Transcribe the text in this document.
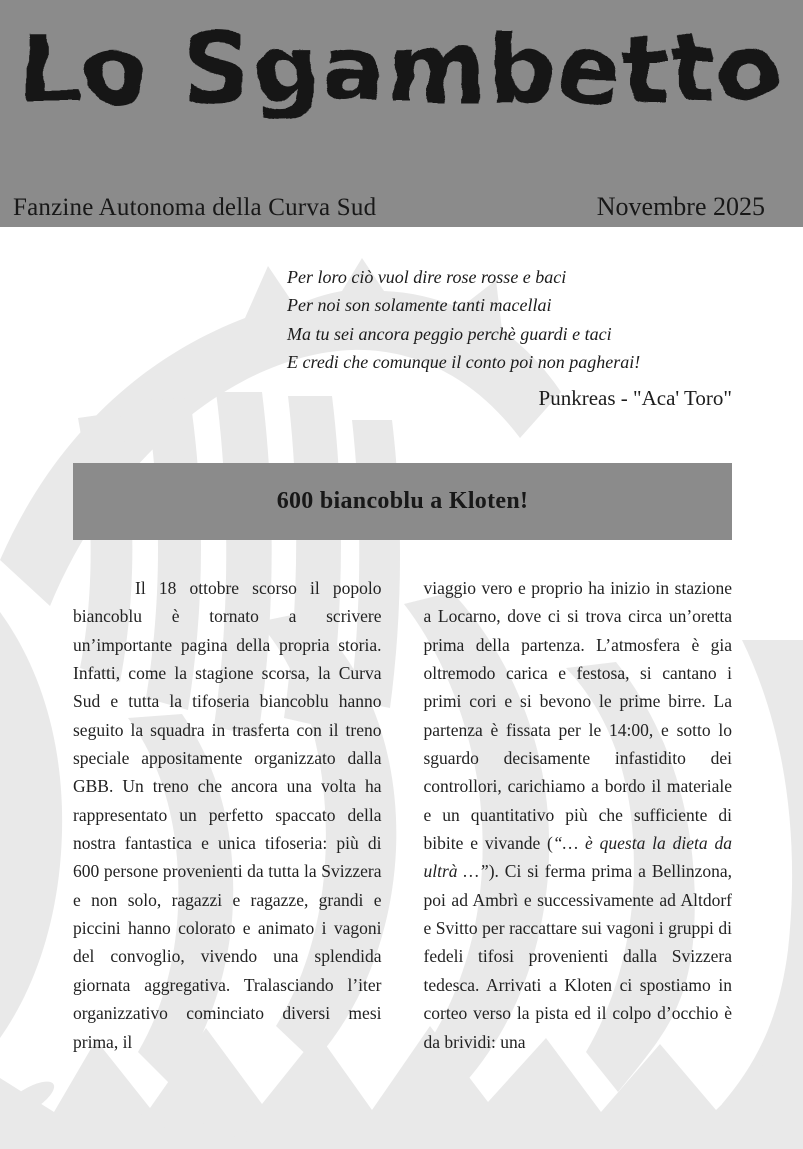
Lo Sgambetto
Fanzine Autonoma della Curva Sud	Novembre 2025
Per loro ciò vuol dire rose rosse e baci
Per noi son solamente tanti macellai
Ma tu sei ancora peggio perchè guardi e taci
E credi che comunque il conto poi non pagherai!
Punkreas - "Aca' Toro"
600 biancoblu a Kloten!
Il 18 ottobre scorso il popolo biancoblu è tornato a scrivere un’importante pagina della propria storia. Infatti, come la stagione scorsa, la Curva Sud e tutta la tifoseria biancoblu hanno seguito la squadra in trasferta con il treno speciale appositamente organizzato dalla GBB. Un treno che ancora una volta ha rappresentato un perfetto spaccato della nostra fantastica e unica tifoseria: più di 600 persone provenienti da tutta la Svizzera e non solo, ragazzi e ragazze, grandi e piccini hanno colorato e animato i vagoni del convoglio, vivendo una splendida giornata aggregativa. Tralasciando l’iter organizzativo cominciato diversi mesi prima, il
viaggio vero e proprio ha inizio in stazione a Locarno, dove ci si trova circa un’oretta prima della partenza. L’atmosfera è gia oltremodo carica e festosa, si cantano i primi cori e si bevono le prime birre. La partenza è fissata per le 14:00, e sotto lo sguardo decisamente infastidito dei controllori, carichiamo a bordo il materiale e un quantitativo più che sufficiente di bibite e vivande (“… è questa la dieta da ultrà …”). Ci si ferma prima a Bellinzona, poi ad Ambrì e successivamente ad Altdorf e Svitto per raccattare sui vagoni i gruppi di fedeli tifosi provenienti dalla Svizzera tedesca. Arrivati a Kloten ci spostiamo in corteo verso la pista ed il colpo d’occhio è da brividi: una
